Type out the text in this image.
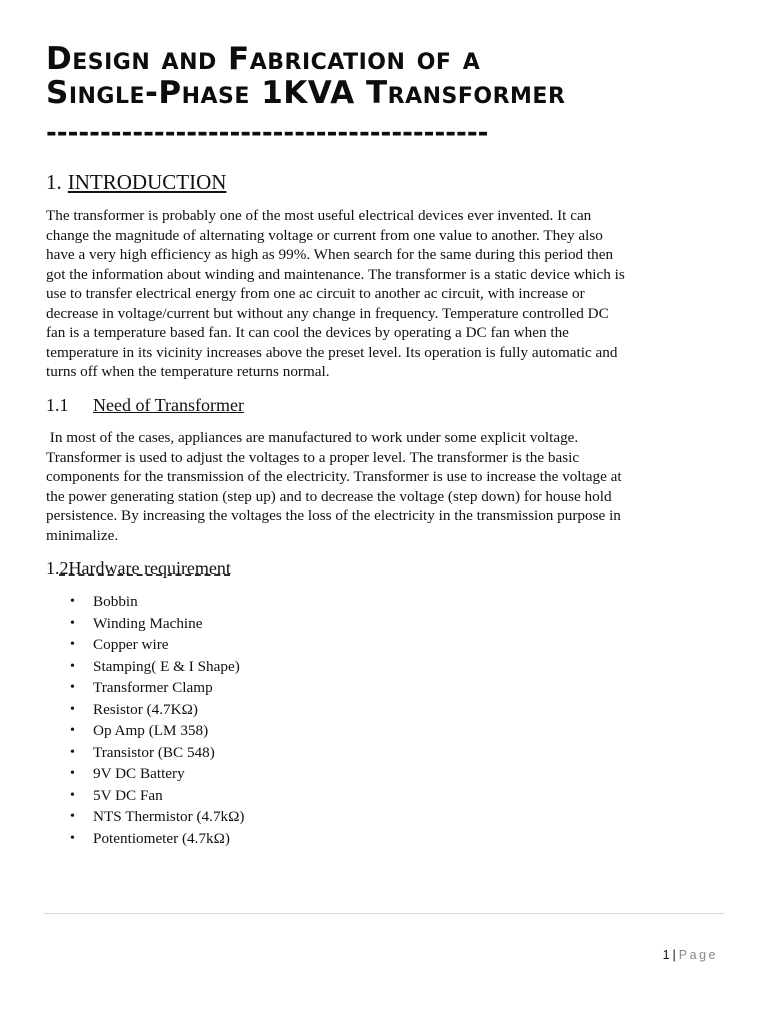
Design and Fabrication of a
Single-Phase 1KVA Transformer
-----------------------------------------
1. INTRODUCTION

The transformer is probably one of the most useful electrical devices ever invented. It can
change the magnitude of alternating voltage or current from one value to another. They also
have a very high efficiency as high as 99%. When search for the same during this period then
got the information about winding and maintenance. The transformer is a static device which is
use to transfer electrical energy from one ac circuit to another ac circuit, with increase or
decrease in voltage/current but without any change in frequency. Temperature controlled DC
fan is a temperature based fan. It can cool the devices by operating a DC fan when the
temperature in its vicinity increases above the preset level. Its operation is fully automatic and
turns off when the temperature returns normal.

1.1 Need of Transformer

In most of the cases, appliances are manufactured to work under some explicit voltage.
Transformer is used to adjust the voltages to a proper level. The transformer is the basic
components for the transmission of the electricity. Transformer is use to increase the voltage at
the power generating station (step up) and to decrease the voltage (step down) for house hold
persistence. By increasing the voltages the loss of the electricity in the transmission purpose in
minimalize.

1.2Hardware requirement
• Bobbin
• Winding Machine
• Copper wire
• Stamping( E & I Shape)
• Transformer Clamp
• Resistor (4.7KΩ)
• Op Amp (LM 358)
• Transistor (BC 548)
• 9V DC Battery
• 5V DC Fan
• NTS Thermistor (4.7kΩ)
• Potentiometer (4.7kΩ)
1 | Page
